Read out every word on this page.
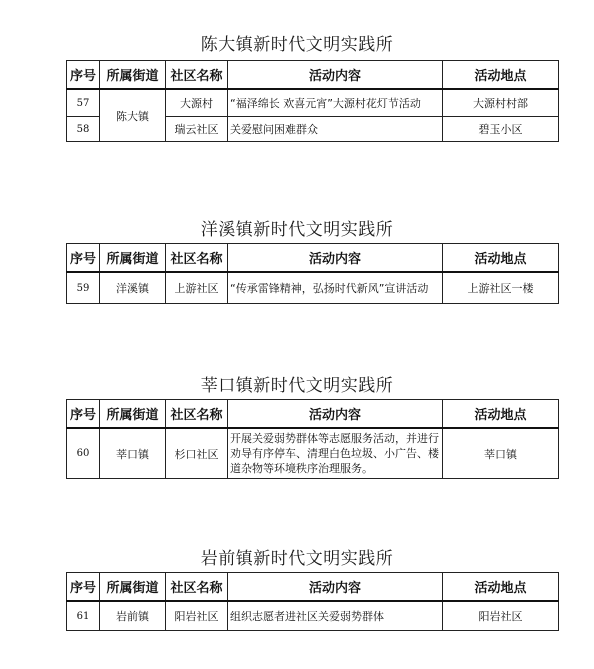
陈大镇新时代文明实践所
序号	所属街道	社区名称	活动内容	活动地点
57	陈大镇	大源村	“福泽绵长 欢喜元宵”大源村花灯节活动	大源村村部
58		瑞云社区	关爱慰问困难群众	碧玉小区
洋溪镇新时代文明实践所
序号	所属街道	社区名称	活动内容	活动地点
59	洋溪镇	上游社区	“传承雷锋精神，弘扬时代新风”宣讲活动	上游社区一楼
莘口镇新时代文明实践所
序号	所属街道	社区名称	活动内容	活动地点
60	莘口镇	杉口社区	开展关爱弱势群体等志愿服务活动，并进行劝导有序停车、清理白色垃圾、小广告、楼道杂物等环境秩序治理服务。	莘口镇
岩前镇新时代文明实践所
序号	所属街道	社区名称	活动内容	活动地点
61	岩前镇	阳岩社区	组织志愿者进社区关爱弱势群体	阳岩社区
